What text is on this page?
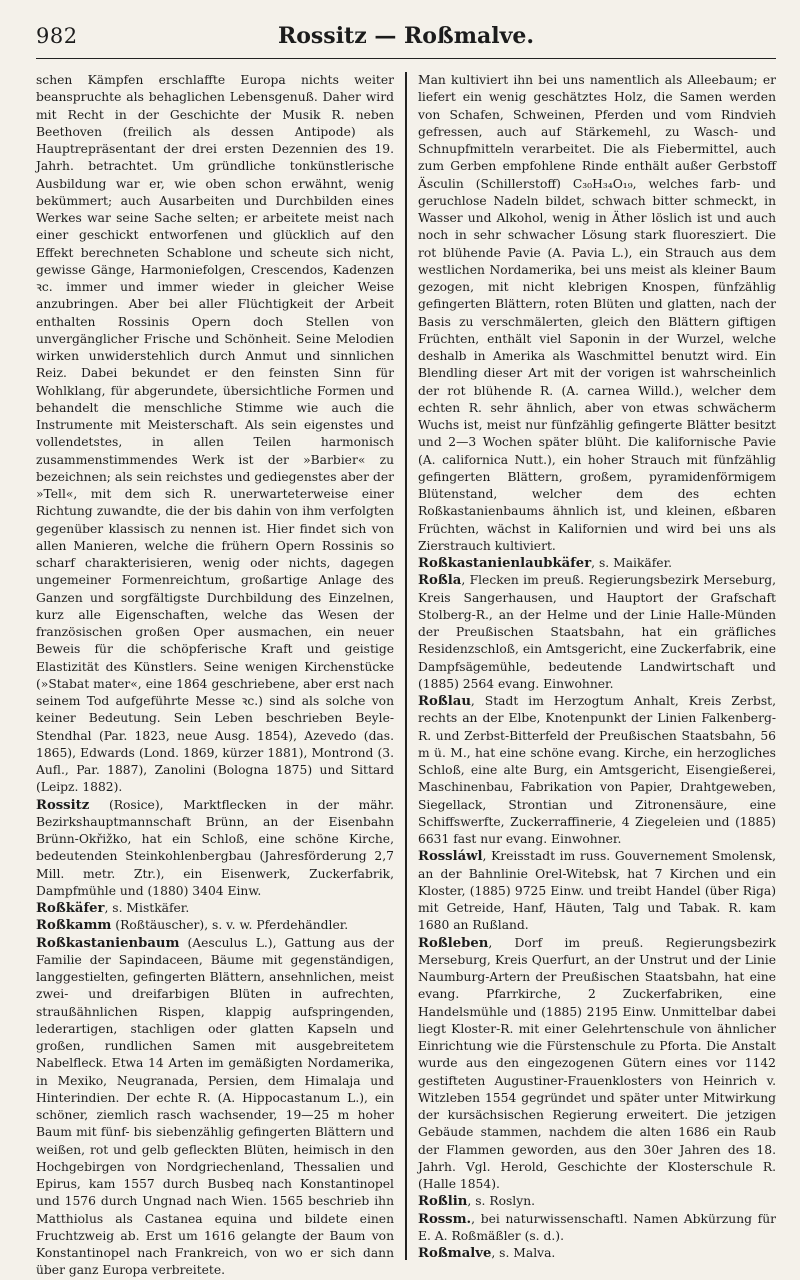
982	Rossitz — Roßmalve.

schen Kämpfen erschlaffte Europa nichts weiter beanspruchte als behaglichen Lebensgenuß. Daher wird mit Recht in der Geschichte der Musik R. neben Beethoven (freilich als dessen Antipode) als Hauptrepräsentant der drei ersten Dezennien des 19. Jahrh. betrachtet. Um gründliche tonkünstlerische Ausbildung war er, wie oben schon erwähnt, wenig bekümmert; auch Ausarbeiten und Durchbilden eines Werkes war seine Sache selten; er arbeitete meist nach einer geschickt entworfenen und glücklich auf den Effekt berechneten Schablone und scheute sich nicht, gewisse Gänge, Harmoniefolgen, Crescendos, Kadenzen ꝛc. immer und immer wieder in gleicher Weise anzubringen. Aber bei aller Flüchtigkeit der Arbeit enthalten Rossinis Opern doch Stellen von unvergänglicher Frische und Schönheit. Seine Melodien wirken unwiderstehlich durch Anmut und sinnlichen Reiz. Dabei bekundet er den feinsten Sinn für Wohlklang, für abgerundete, übersichtliche Formen und behandelt die menschliche Stimme wie auch die Instrumente mit Meisterschaft. Als sein eigenstes und vollendetstes, in allen Teilen harmonisch zusammenstimmendes Werk ist der »Barbier« zu bezeichnen; als sein reichstes und gediegenstes aber der »Tell«, mit dem sich R. unerwarteterweise einer Richtung zuwandte, die der bis dahin von ihm verfolgten gegenüber klassisch zu nennen ist. Hier findet sich von allen Manieren, welche die frühern Opern Rossinis so scharf charakterisieren, wenig oder nichts, dagegen ungemeiner Formenreichtum, großartige Anlage des Ganzen und sorgfältigste Durchbildung des Einzelnen, kurz alle Eigenschaften, welche das Wesen der französischen großen Oper ausmachen, ein neuer Beweis für die schöpferische Kraft und geistige Elastizität des Künstlers. Seine wenigen Kirchenstücke (»Stabat mater«, eine 1864 geschriebene, aber erst nach seinem Tod aufgeführte Messe ꝛc.) sind als solche von keiner Bedeutung. Sein Leben beschrieben Beyle-Stendhal (Par. 1823, neue Ausg. 1854), Azevedo (das. 1865), Edwards (Lond. 1869, kürzer 1881), Montrond (3. Aufl., Par. 1887), Zanolini (Bologna 1875) und Sittard (Leipz. 1882).

Rossitz (Rosice), Marktflecken in der mähr. Bezirkshauptmannschaft Brünn, an der Eisenbahn Brünn-Okřižko, hat ein Schloß, eine schöne Kirche, bedeutenden Steinkohlenbergbau (Jahresförderung 2,7 Mill. metr. Ztr.), ein Eisenwerk, Zuckerfabrik, Dampfmühle und (1880) 3404 Einw.

Roßkäfer, s. Mistkäfer.

Roßkamm (Roßtäuscher), s. v. w. Pferdehändler.

Roßkastanienbaum (Aesculus L.), Gattung aus der Familie der Sapindaceen, Bäume mit gegenständigen, langgestielten, gefingerten Blättern, ansehnlichen, meist zwei- und dreifarbigen Blüten in aufrechten, straußähnlichen Rispen, klappig aufspringenden, lederartigen, stachligen oder glatten Kapseln und großen, rundlichen Samen mit ausgebreitetem Nabelfleck. Etwa 14 Arten im gemäßigten Nordamerika, in Mexiko, Neugranada, Persien, dem Himalaja und Hinterindien. Der echte R. (A. Hippocastanum L.), ein schöner, ziemlich rasch wachsender, 19—25 m hoher Baum mit fünf- bis siebenzählig gefingerten Blättern und weißen, rot und gelb gefleckten Blüten, heimisch in den Hochgebirgen von Nordgriechenland, Thessalien und Epirus, kam 1557 durch Busbeq nach Konstantinopel und 1576 durch Ungnad nach Wien. 1565 beschrieb ihn Matthiolus als Castanea equina und bildete einen Fruchtzweig ab. Erst um 1616 gelangte der Baum von Konstantinopel nach Frankreich, von wo er sich dann über ganz Europa verbreitete.

Man kultiviert ihn bei uns namentlich als Alleebaum; er liefert ein wenig geschätztes Holz, die Samen werden von Schafen, Schweinen, Pferden und vom Rindvieh gefressen, auch auf Stärkemehl, zu Wasch- und Schnupfmitteln verarbeitet. Die als Fiebermittel, auch zum Gerben empfohlene Rinde enthält außer Gerbstoff Äsculin (Schillerstoff) C₃₀H₃₄O₁₉, welches farb- und geruchlose Nadeln bildet, schwach bitter schmeckt, in Wasser und Alkohol, wenig in Äther löslich ist und auch noch in sehr schwacher Lösung stark fluoresziert. Die rot blühende Pavie (A. Pavia L.), ein Strauch aus dem westlichen Nordamerika, bei uns meist als kleiner Baum gezogen, mit nicht klebrigen Knospen, fünfzählig gefingerten Blättern, roten Blüten und glatten, nach der Basis zu verschmälerten, gleich den Blättern giftigen Früchten, enthält viel Saponin in der Wurzel, welche deshalb in Amerika als Waschmittel benutzt wird. Ein Blendling dieser Art mit der vorigen ist wahrscheinlich der rot blühende R. (A. carnea Willd.), welcher dem echten R. sehr ähnlich, aber von etwas schwächerm Wuchs ist, meist nur fünfzählig gefingerte Blätter besitzt und 2—3 Wochen später blüht. Die kalifornische Pavie (A. californica Nutt.), ein hoher Strauch mit fünfzählig gefingerten Blättern, großem, pyramidenförmigem Blütenstand, welcher dem des echten Roßkastanienbaums ähnlich ist, und kleinen, eßbaren Früchten, wächst in Kalifornien und wird bei uns als Zierstrauch kultiviert.

Roßkastanienlaubkäfer, s. Maikäfer.

Roßla, Flecken im preuß. Regierungsbezirk Merseburg, Kreis Sangerhausen, und Hauptort der Grafschaft Stolberg-R., an der Helme und der Linie Halle-Münden der Preußischen Staatsbahn, hat ein gräfliches Residenzschloß, ein Amtsgericht, eine Zuckerfabrik, eine Dampfsägemühle, bedeutende Landwirtschaft und (1885) 2564 evang. Einwohner.

Roßlau, Stadt im Herzogtum Anhalt, Kreis Zerbst, rechts an der Elbe, Knotenpunkt der Linien Falkenberg-R. und Zerbst-Bitterfeld der Preußischen Staatsbahn, 56 m ü. M., hat eine schöne evang. Kirche, ein herzogliches Schloß, eine alte Burg, ein Amtsgericht, Eisengießerei, Maschinenbau, Fabrikation von Papier, Drahtgeweben, Siegellack, Strontian und Zitronensäure, eine Schiffswerfte, Zuckerraffinerie, 4 Ziegeleien und (1885) 6631 fast nur evang. Einwohner.

Rossláwl, Kreisstadt im russ. Gouvernement Smolensk, an der Bahnlinie Orel-Witebsk, hat 7 Kirchen und ein Kloster, (1885) 9725 Einw. und treibt Handel (über Riga) mit Getreide, Hanf, Häuten, Talg und Tabak. R. kam 1680 an Rußland.

Roßleben, Dorf im preuß. Regierungsbezirk Merseburg, Kreis Querfurt, an der Unstrut und der Linie Naumburg-Artern der Preußischen Staatsbahn, hat eine evang. Pfarrkirche, 2 Zuckerfabriken, eine Handelsmühle und (1885) 2195 Einw. Unmittelbar dabei liegt Kloster-R. mit einer Gelehrtenschule von ähnlicher Einrichtung wie die Fürstenschule zu Pforta. Die Anstalt wurde aus den eingezogenen Gütern eines vor 1142 gestifteten Augustiner-Frauenklosters von Heinrich v. Witzleben 1554 gegründet und später unter Mitwirkung der kursächsischen Regierung erweitert. Die jetzigen Gebäude stammen, nachdem die alten 1686 ein Raub der Flammen geworden, aus den 30er Jahren des 18. Jahrh. Vgl. Herold, Geschichte der Klosterschule R. (Halle 1854).

Roßlin, s. Roslyn.

Rossm., bei naturwissenschaftl. Namen Abkürzung für E. A. Roßmäßler (s. d.).

Roßmalve, s. Malva.
